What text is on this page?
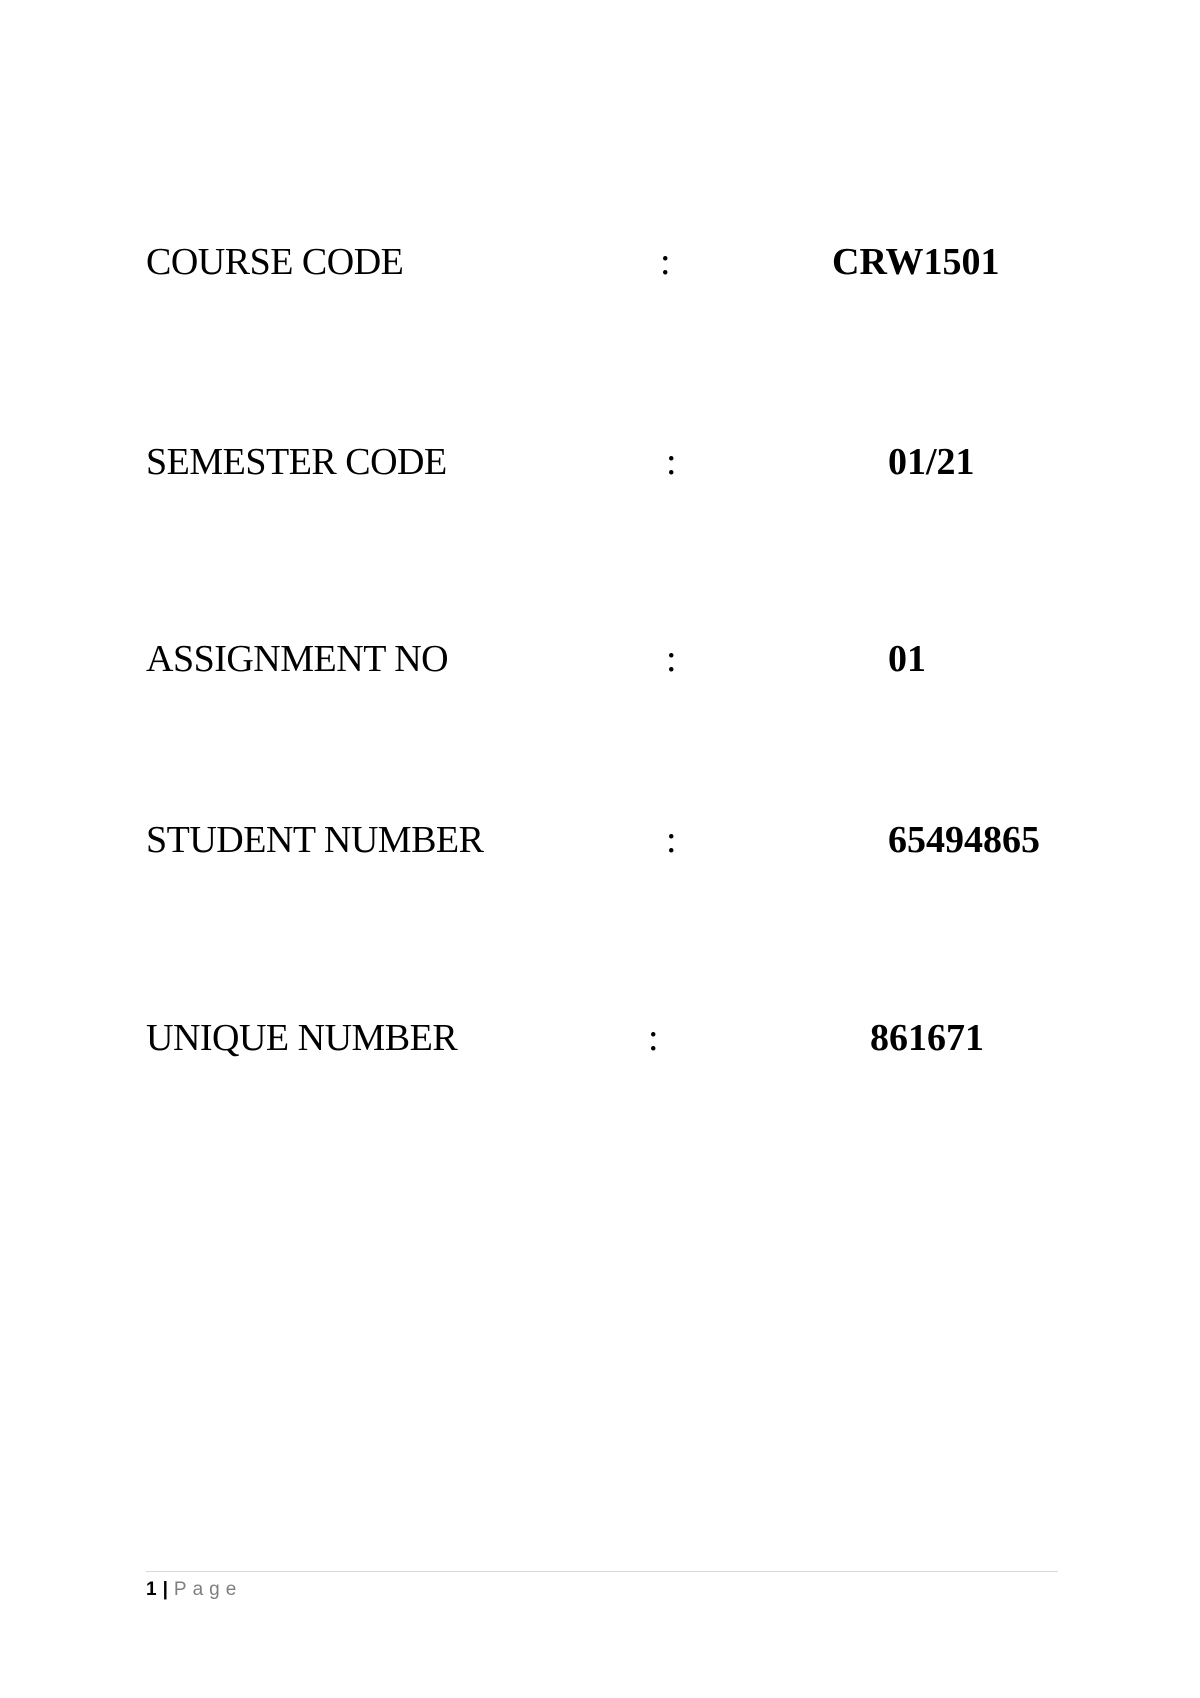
COURSE CODE	:	CRW1501
SEMESTER CODE	:	01/21
ASSIGNMENT NO	:	01
STUDENT NUMBER	:	65494865
UNIQUE NUMBER	:	861671
1 | Page
